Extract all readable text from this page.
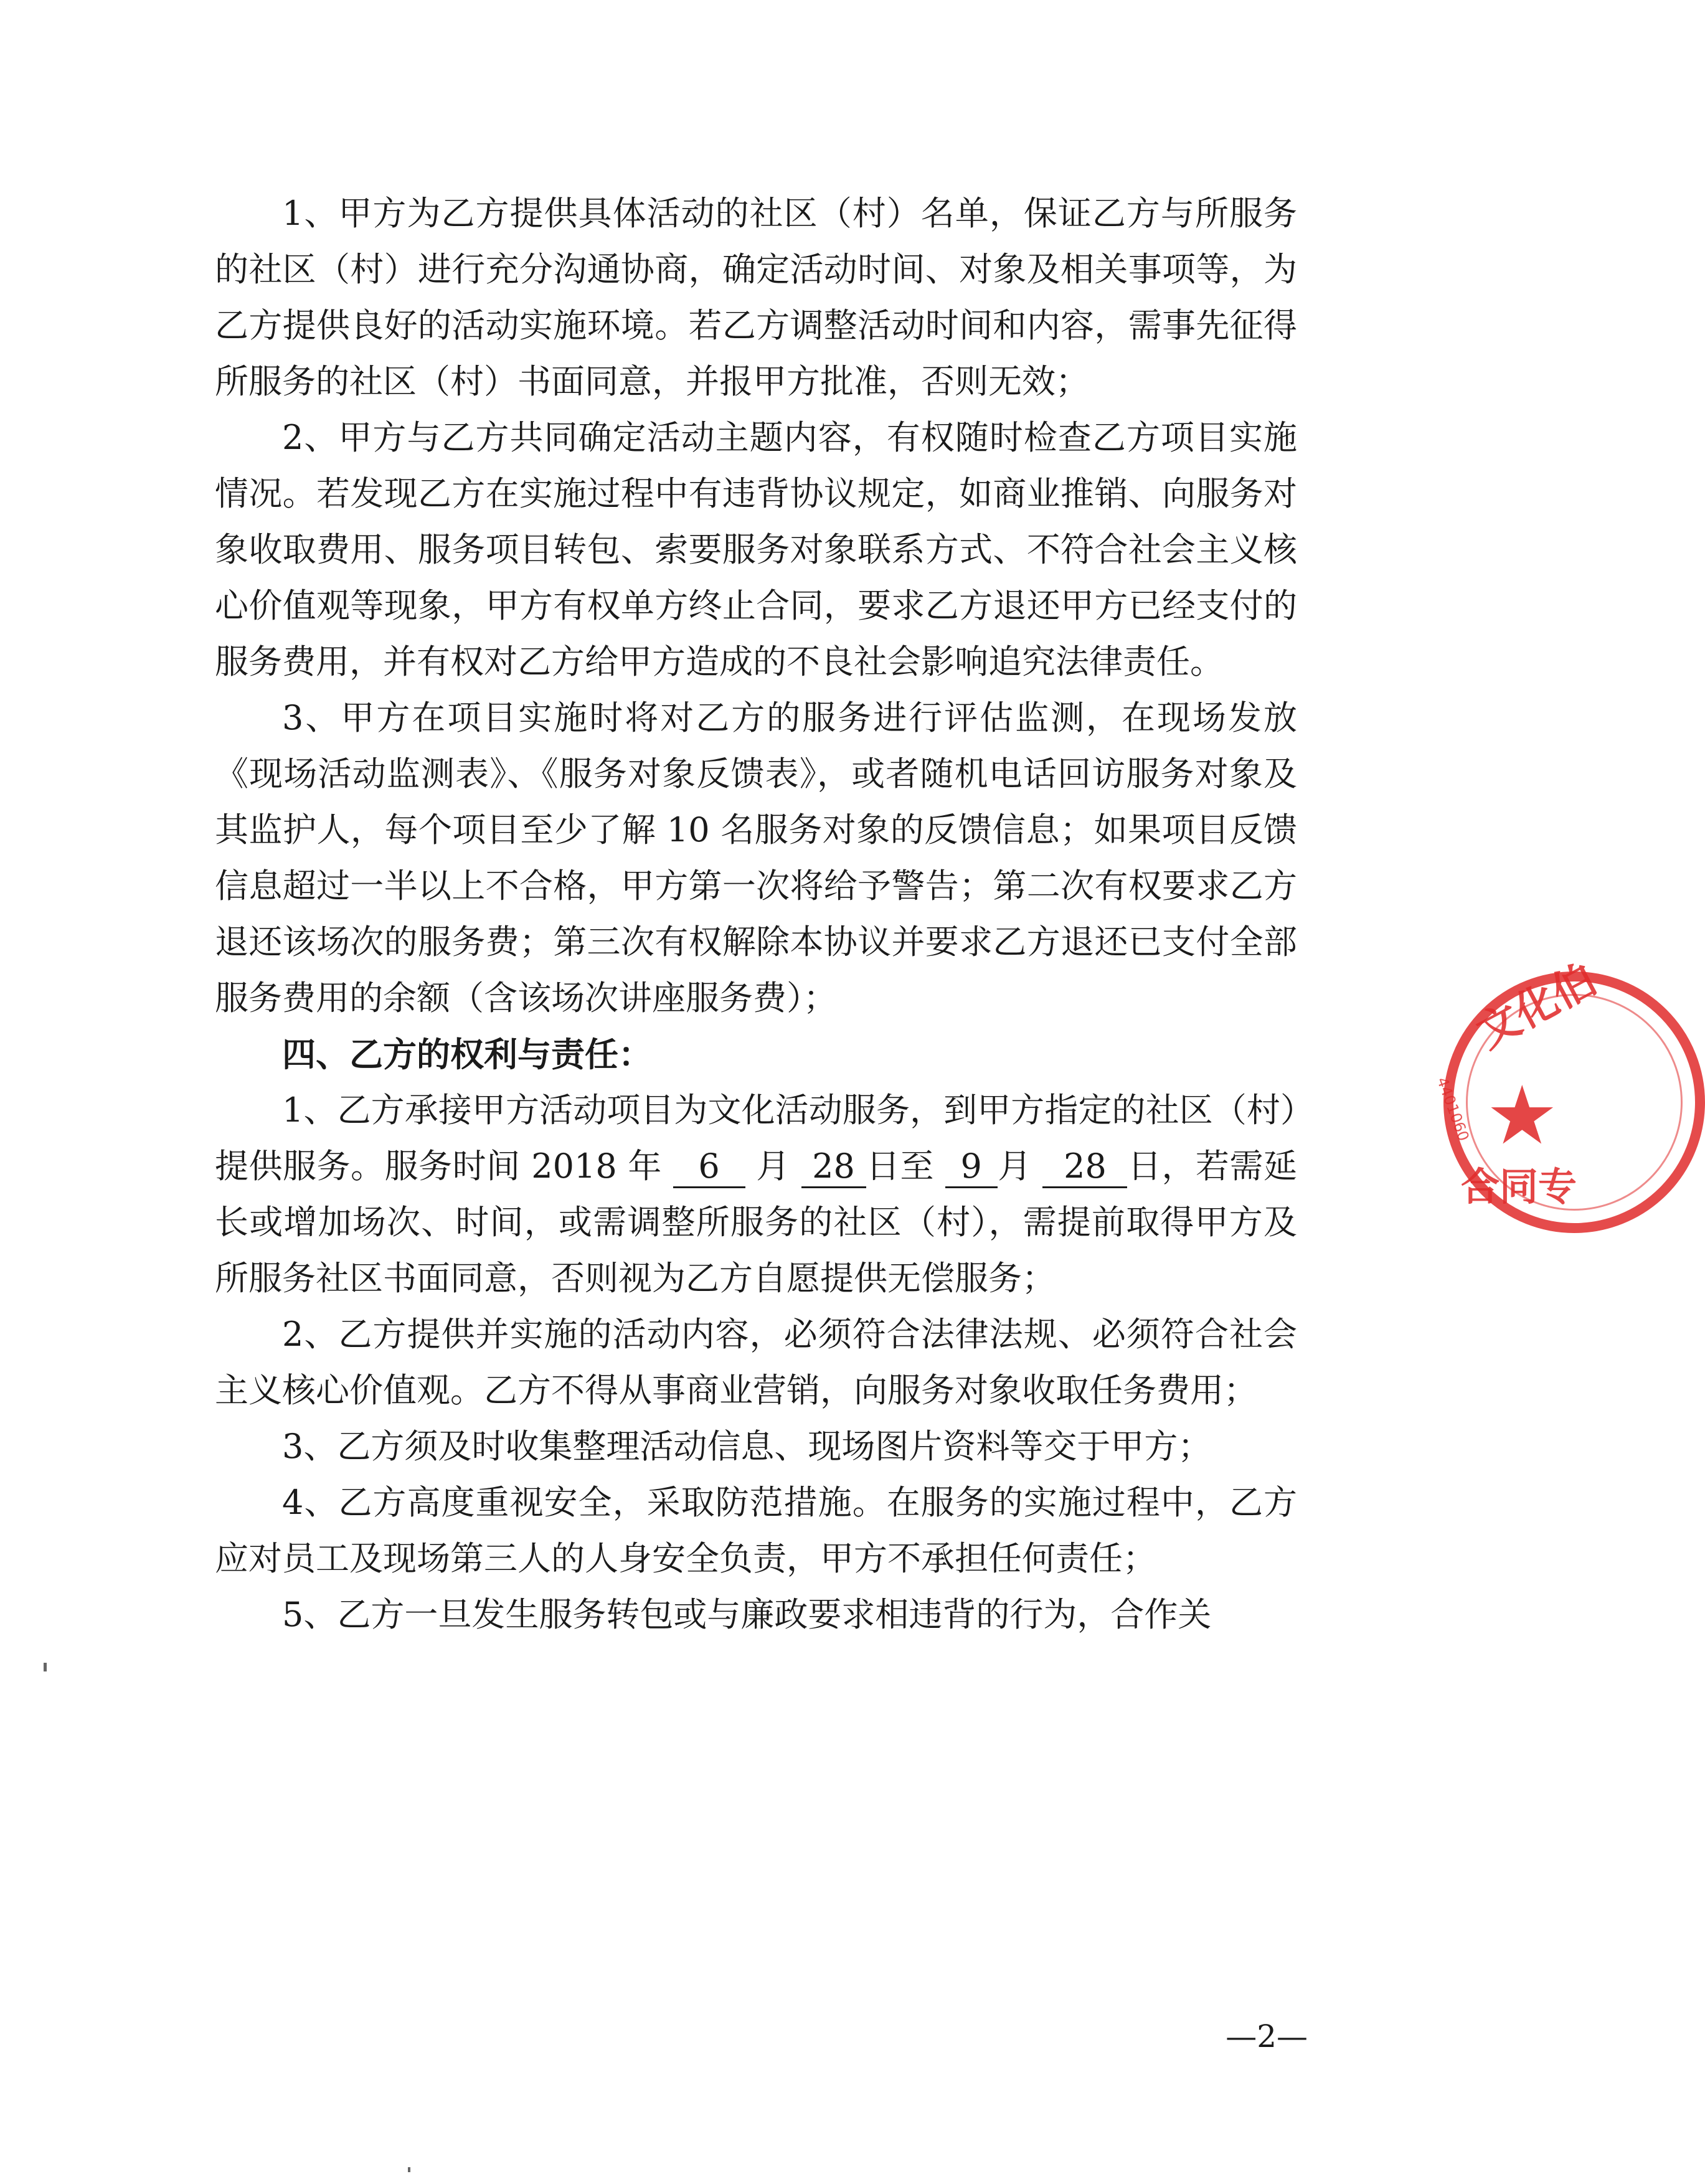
1、甲方为乙方提供具体活动的社区（村）名单，保证乙方与所服务的社区（村）进行充分沟通协商，确定活动时间、对象及相关事项等，为乙方提供良好的活动实施环境。若乙方调整活动时间和内容，需事先征得所服务的社区（村）书面同意，并报甲方批准，否则无效；

2、甲方与乙方共同确定活动主题内容，有权随时检查乙方项目实施情况。若发现乙方在实施过程中有违背协议规定，如商业推销、向服务对象收取费用、服务项目转包、索要服务对象联系方式、不符合社会主义核心价值观等现象，甲方有权单方终止合同，要求乙方退还甲方已经支付的服务费用，并有权对乙方给甲方造成的不良社会影响追究法律责任。

3、甲方在项目实施时将对乙方的服务进行评估监测，在现场发放《现场活动监测表》、《服务对象反馈表》，或者随机电话回访服务对象及其监护人，每个项目至少了解 10 名服务对象的反馈信息；如果项目反馈信息超过一半以上不合格，甲方第一次将给予警告；第二次有权要求乙方退还该场次的服务费；第三次有权解除本协议并要求乙方退还已支付全部服务费用的余额（含该场次讲座服务费）；

四、乙方的权利与责任：

1、乙方承接甲方活动项目为文化活动服务，到甲方指定的社区（村）提供服务。服务时间 2018 年 6 月 28 日至 9 月 28 日，若需延长或增加场次、时间，或需调整所服务的社区（村），需提前取得甲方及所服务社区书面同意，否则视为乙方自愿提供无偿服务；

2、乙方提供并实施的活动内容，必须符合法律法规、必须符合社会主义核心价值观。乙方不得从事商业营销，向服务对象收取任务费用；

3、乙方须及时收集整理活动信息、现场图片资料等交于甲方；

4、乙方高度重视安全，采取防范措施。在服务的实施过程中，乙方应对员工及现场第三人的人身安全负责，甲方不承担任何责任；

5、乙方一旦发生服务转包或与廉政要求相违背的行为，合作关

—2—
4401060
文化伯
★
合同专
